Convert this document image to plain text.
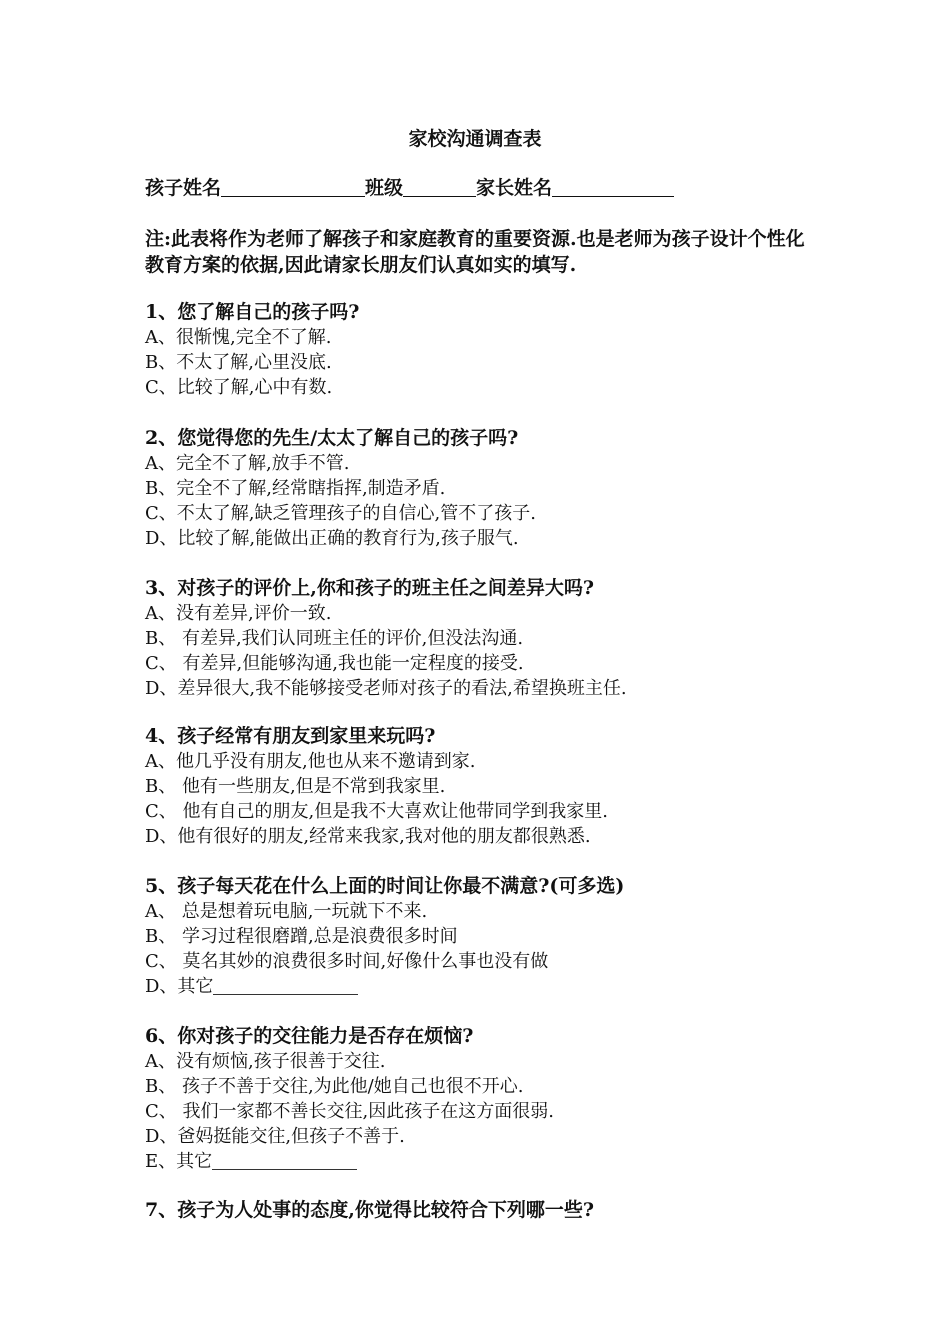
家校沟通调查表
孩子姓名	班级	家长姓名
注:此表将作为老师了解孩子和家庭教育的重要资源.也是老师为孩子设计个性化教育方案的依据,因此请家长朋友们认真如实的填写.
1、您了解自己的孩子吗?
A、很惭愧,完全不了解.
B、不太了解,心里没底.
C、比较了解,心中有数.
2、您觉得您的先生/太太了解自己的孩子吗?
A、完全不了解,放手不管.
B、完全不了解,经常瞎指挥,制造矛盾.
C、不太了解,缺乏管理孩子的自信心,管不了孩子.
D、比较了解,能做出正确的教育行为,孩子服气.
3、对孩子的评价上,你和孩子的班主任之间差异大吗?
A、没有差异,评价一致.
B、 有差异,我们认同班主任的评价,但没法沟通.
C、 有差异,但能够沟通,我也能一定程度的接受.
D、差异很大,我不能够接受老师对孩子的看法,希望换班主任.
4、孩子经常有朋友到家里来玩吗?
A、他几乎没有朋友,他也从来不邀请到家.
B、 他有一些朋友,但是不常到我家里.
C、 他有自己的朋友,但是我不大喜欢让他带同学到我家里.
D、他有很好的朋友,经常来我家,我对他的朋友都很熟悉.
5、孩子每天花在什么上面的时间让你最不满意?(可多选)
A、 总是想着玩电脑,一玩就下不来.
B、 学习过程很磨蹭,总是浪费很多时间
C、 莫名其妙的浪费很多时间,好像什么事也没有做
D、其它
6、你对孩子的交往能力是否存在烦恼?
A、没有烦恼,孩子很善于交往.
B、 孩子不善于交往,为此他/她自己也很不开心.
C、 我们一家都不善长交往,因此孩子在这方面很弱.
D、爸妈挺能交往,但孩子不善于.
E、其它
7、孩子为人处事的态度,你觉得比较符合下列哪一些?
